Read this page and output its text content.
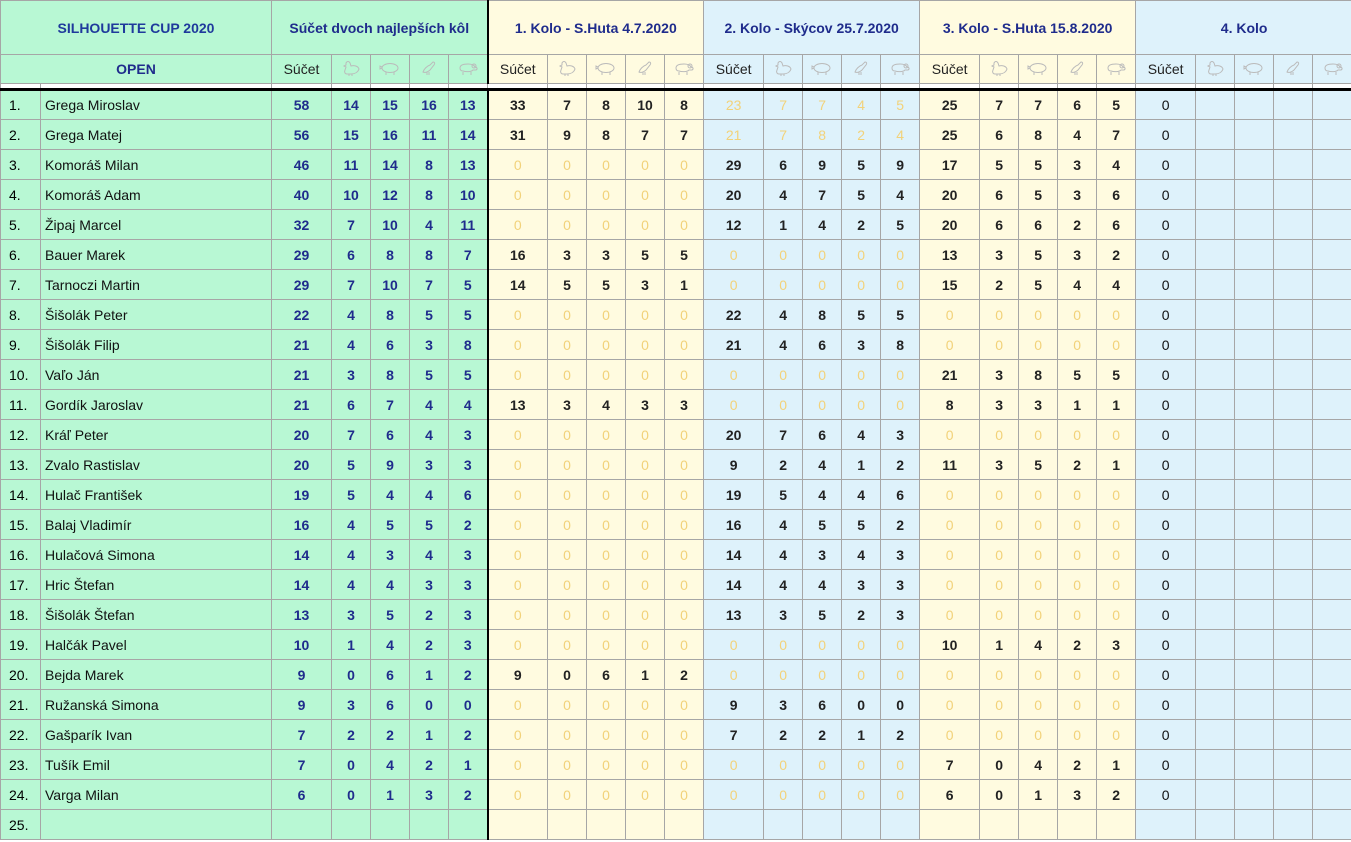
SILHOUETTE CUP 2020		Súčet dvoch najlepších kôl					1. Kolo - S.Huta 4.7.2020					2. Kolo - Skýcov 25.7.2020					3. Kolo - S.Huta 15.8.2020					4. Kolo				
OPEN		Súčet					Súčet					Súčet					Súčet					Súčet				

1.	Grega Miroslav	58	14	15	16	13	33	7	8	10	8	23	7	7	4	5	25	7	7	6	5	0				
2.	Grega Matej	56	15	16	11	14	31	9	8	7	7	21	7	8	2	4	25	6	8	4	7	0				
3.	Komoráš Milan	46	11	14	8	13	0	0	0	0	0	29	6	9	5	9	17	5	5	3	4	0				
4.	Komoráš Adam	40	10	12	8	10	0	0	0	0	0	20	4	7	5	4	20	6	5	3	6	0				
5.	Žipaj Marcel	32	7	10	4	11	0	0	0	0	0	12	1	4	2	5	20	6	6	2	6	0				
6.	Bauer Marek	29	6	8	8	7	16	3	3	5	5	0	0	0	0	0	13	3	5	3	2	0				
7.	Tarnoczi Martin	29	7	10	7	5	14	5	5	3	1	0	0	0	0	0	15	2	5	4	4	0				
8.	Šišolák Peter	22	4	8	5	5	0	0	0	0	0	22	4	8	5	5	0	0	0	0	0	0				
9.	Šišolák Filip	21	4	6	3	8	0	0	0	0	0	21	4	6	3	8	0	0	0	0	0	0				
10.	Vaľo Ján	21	3	8	5	5	0	0	0	0	0	0	0	0	0	0	21	3	8	5	5	0				
11.	Gordík Jaroslav	21	6	7	4	4	13	3	4	3	3	0	0	0	0	0	8	3	3	1	1	0				
12.	Kráľ Peter	20	7	6	4	3	0	0	0	0	0	20	7	6	4	3	0	0	0	0	0	0				
13.	Zvalo Rastislav	20	5	9	3	3	0	0	0	0	0	9	2	4	1	2	11	3	5	2	1	0				
14.	Hulač František	19	5	4	4	6	0	0	0	0	0	19	5	4	4	6	0	0	0	0	0	0				
15.	Balaj Vladimír	16	4	5	5	2	0	0	0	0	0	16	4	5	5	2	0	0	0	0	0	0				
16.	Hulačová Simona	14	4	3	4	3	0	0	0	0	0	14	4	3	4	3	0	0	0	0	0	0				
17.	Hric Štefan	14	4	4	3	3	0	0	0	0	0	14	4	4	3	3	0	0	0	0	0	0				
18.	Šišolák Štefan	13	3	5	2	3	0	0	0	0	0	13	3	5	2	3	0	0	0	0	0	0				
19.	Halčák Pavel	10	1	4	2	3	0	0	0	0	0	0	0	0	0	0	10	1	4	2	3	0				
20.	Bejda Marek	9	0	6	1	2	9	0	6	1	2	0	0	0	0	0	0	0	0	0	0	0				
21.	Ružanská Simona	9	3	6	0	0	0	0	0	0	0	9	3	6	0	0	0	0	0	0	0	0				
22.	Gašparík Ivan	7	2	2	1	2	0	0	0	0	0	7	2	2	1	2	0	0	0	0	0	0				
23.	Tušík Emil	7	0	4	2	1	0	0	0	0	0	0	0	0	0	0	7	0	4	2	1	0				
24.	Varga Milan	6	0	1	3	2	0	0	0	0	0	0	0	0	0	0	6	0	1	3	2	0				
25.																										
